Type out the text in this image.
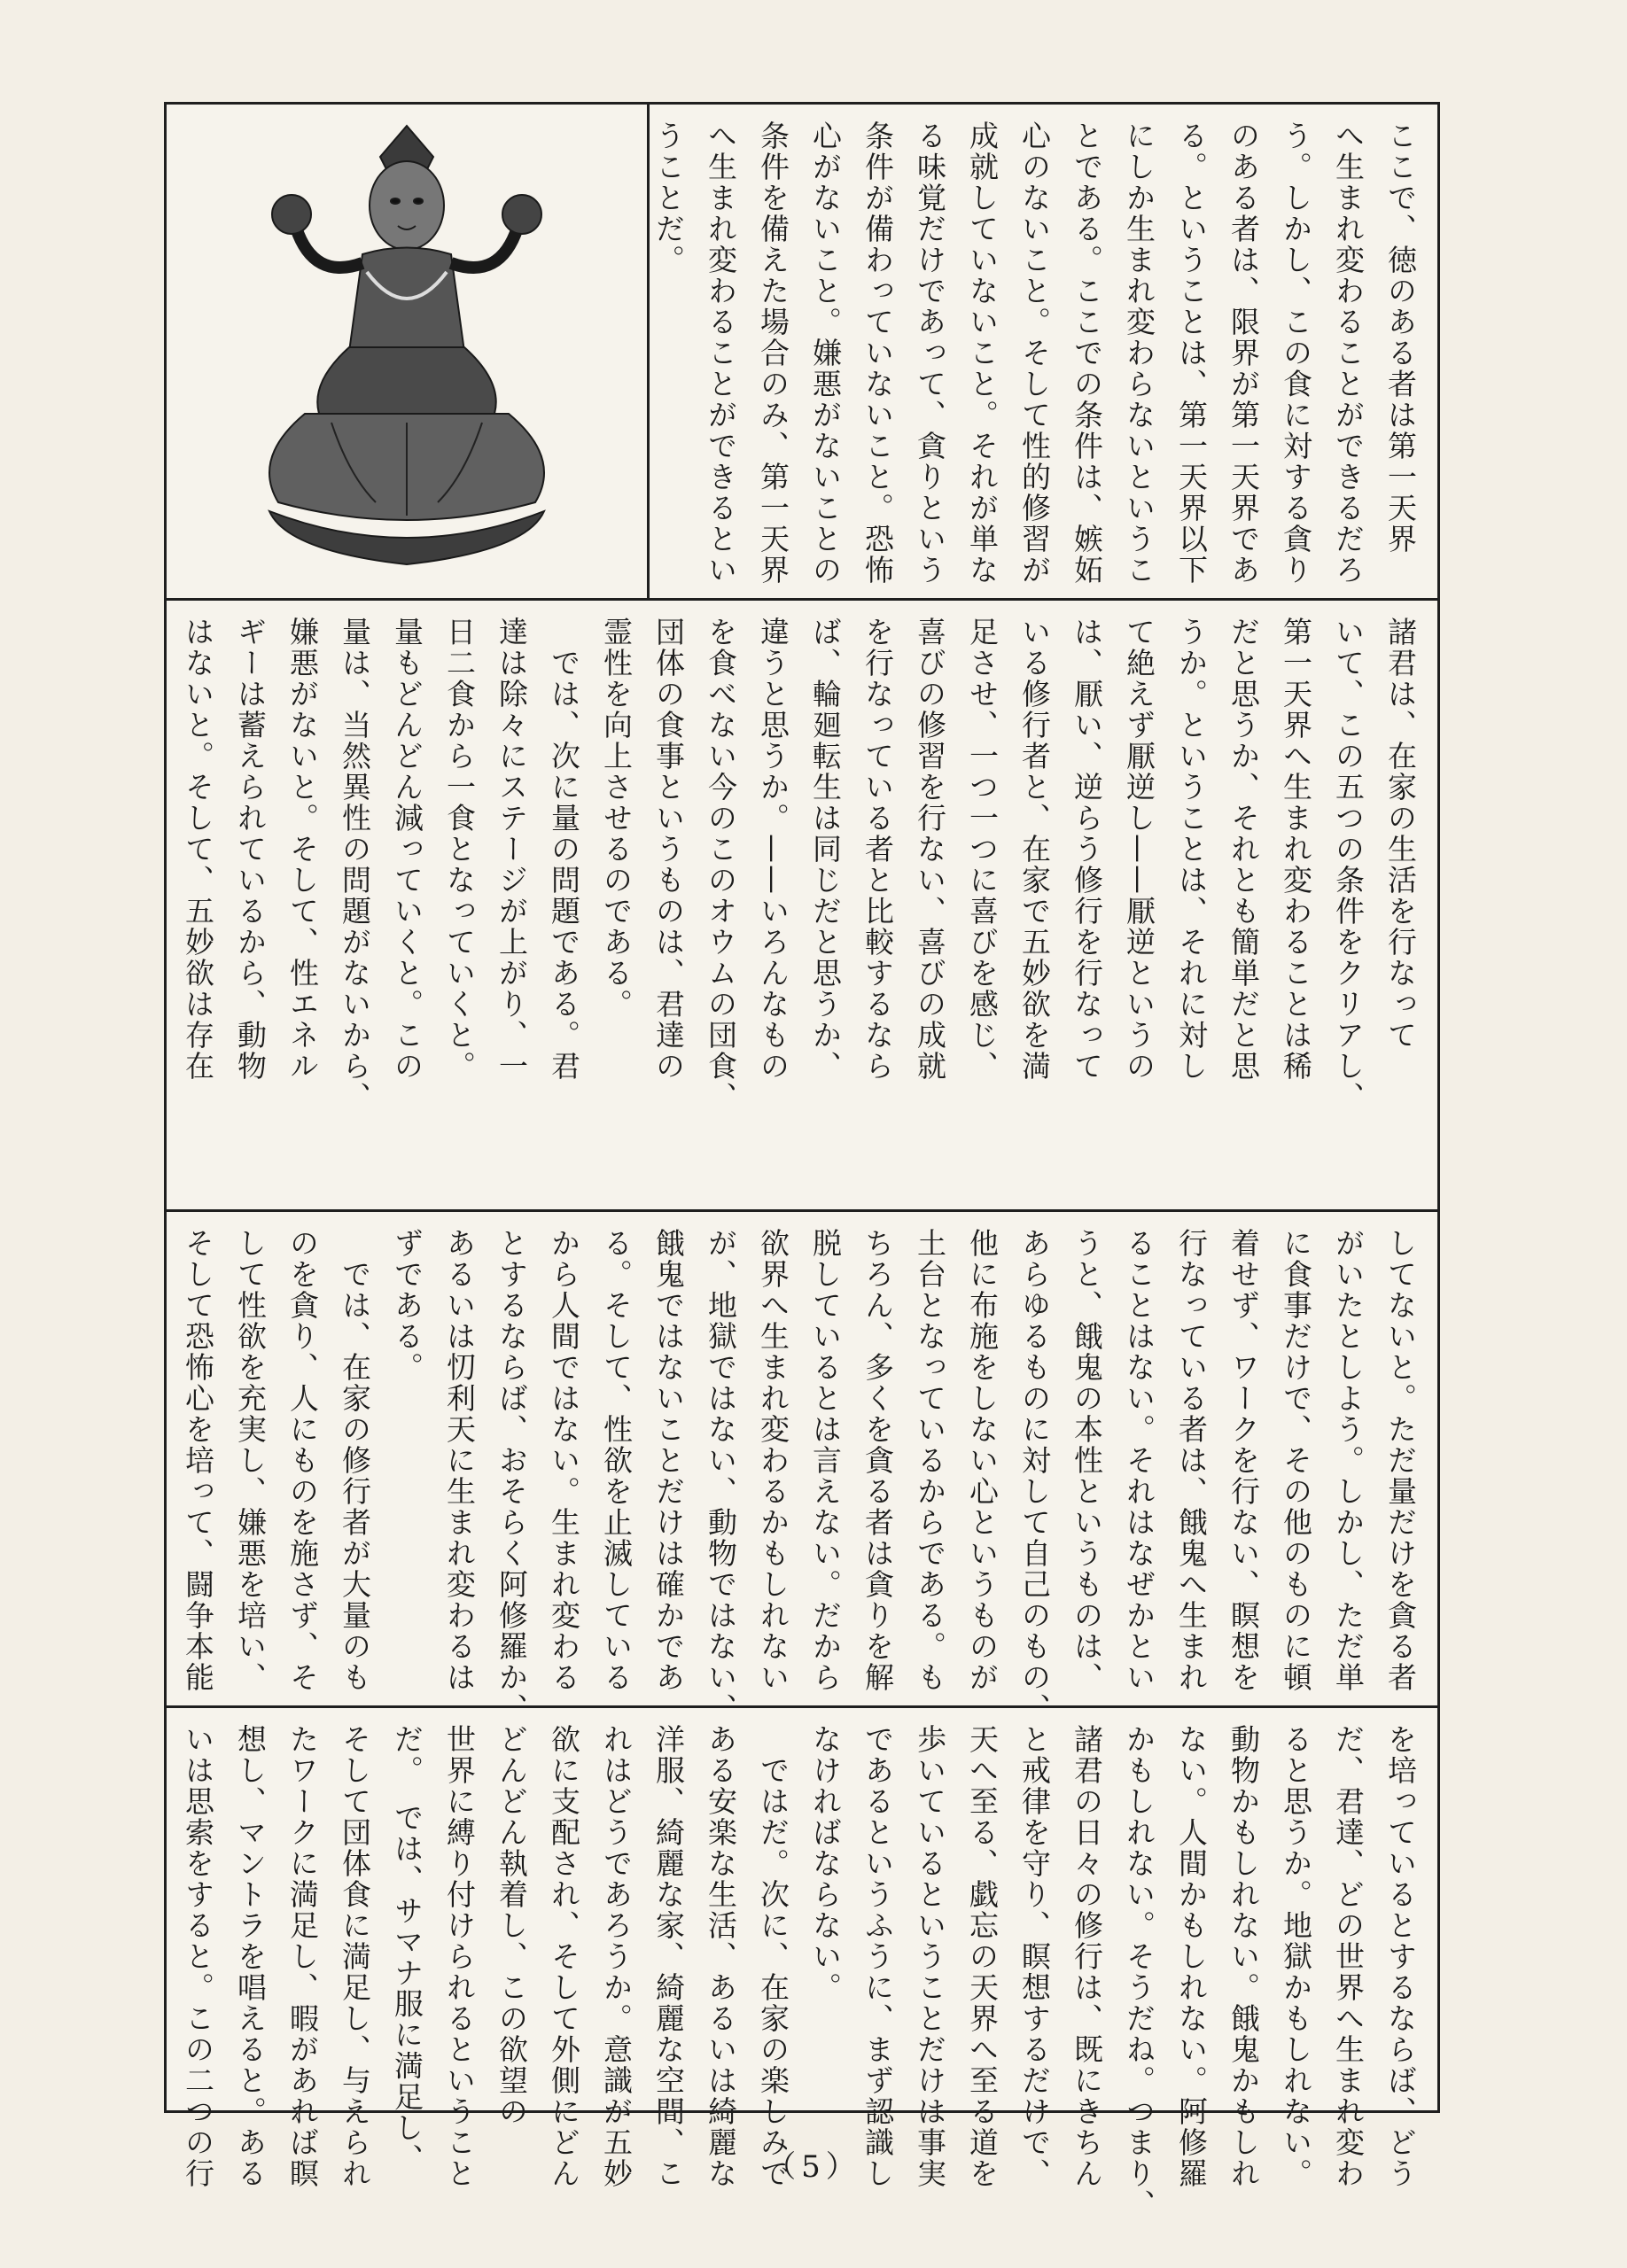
ここで、徳のある者は第一天界
へ生まれ変わることができるだろ
う。しかし、この食に対する貪り
のある者は、限界が第一天界であ
る。ということは、第一天界以下
にしか生まれ変わらないというこ
とである。ここでの条件は、嫉妬
心のないこと。そして性的修習が
成就していないこと。それが単な
る味覚だけであって、貪りという
条件が備わっていないこと。恐怖
心がないこと。嫌悪がないことの
条件を備えた場合のみ、第一天界
へ生まれ変わることができるとい
うことだ。
諸君は、在家の生活を行なって
いて、この五つの条件をクリアし、
第一天界へ生まれ変わることは稀
だと思うか、それとも簡単だと思
うか。ということは、それに対し
て絶えず厭逆し——厭逆というの
は、厭い、逆らう修行を行なって
いる修行者と、在家で五妙欲を満
足させ、一つ一つに喜びを感じ、
喜びの修習を行ない、喜びの成就
を行なっている者と比較するなら
ば、輪廻転生は同じだと思うか、
違うと思うか。——いろんなもの
を食べない今のこのオウムの団食、
団体の食事というものは、君達の
霊性を向上させるのである。
　では、次に量の問題である。君
達は除々にステージが上がり、一
日二食から一食となっていくと。
量もどんどん減っていくと。この
量は、当然異性の問題がないから、
嫌悪がないと。そして、性エネル
ギーは蓄えられているから、動物
はないと。そして、五妙欲は存在
してないと。ただ量だけを貪る者
がいたとしよう。しかし、ただ単
に食事だけで、その他のものに頓
着せず、ワークを行ない、瞑想を
行なっている者は、餓鬼へ生まれ
ることはない。それはなぜかとい
うと、餓鬼の本性というものは、
あらゆるものに対して自己のもの、
他に布施をしない心というものが
土台となっているからである。も
ちろん、多くを貪る者は貪りを解
脱しているとは言えない。だから
欲界へ生まれ変わるかもしれない
が、地獄ではない、動物ではない、
餓鬼ではないことだけは確かであ
る。そして、性欲を止滅している
から人間ではない。生まれ変わる
とするならば、おそらく阿修羅か、
あるいは忉利天に生まれ変わるは
ずである。
　では、在家の修行者が大量のも
のを貪り、人にものを施さず、そ
して性欲を充実し、嫌悪を培い、
そして恐怖心を培って、闘争本能
を培っているとするならば、どう
だ、君達、どの世界へ生まれ変わ
ると思うか。地獄かもしれない。
動物かもしれない。餓鬼かもしれ
ない。人間かもしれない。阿修羅
かもしれない。そうだね。つまり、
諸君の日々の修行は、既にきちん
と戒律を守り、瞑想するだけで、
天へ至る、戯忘の天界へ至る道を
歩いているということだけは事実
であるというふうに、まず認識し
なければならない。
　ではだ。次に、在家の楽しみで
ある安楽な生活、あるいは綺麗な
洋服、綺麗な家、綺麗な空間、こ
れはどうであろうか。意識が五妙
欲に支配され、そして外側にどん
どんどん執着し、この欲望の
世界に縛り付けられるということ
だ。　では、サマナ服に満足し、
そして団体食に満足し、与えられ
たワークに満足し、暇があれば瞑
想し、マントラを唱えると。ある
いは思索をすると。この二つの行	（5）
